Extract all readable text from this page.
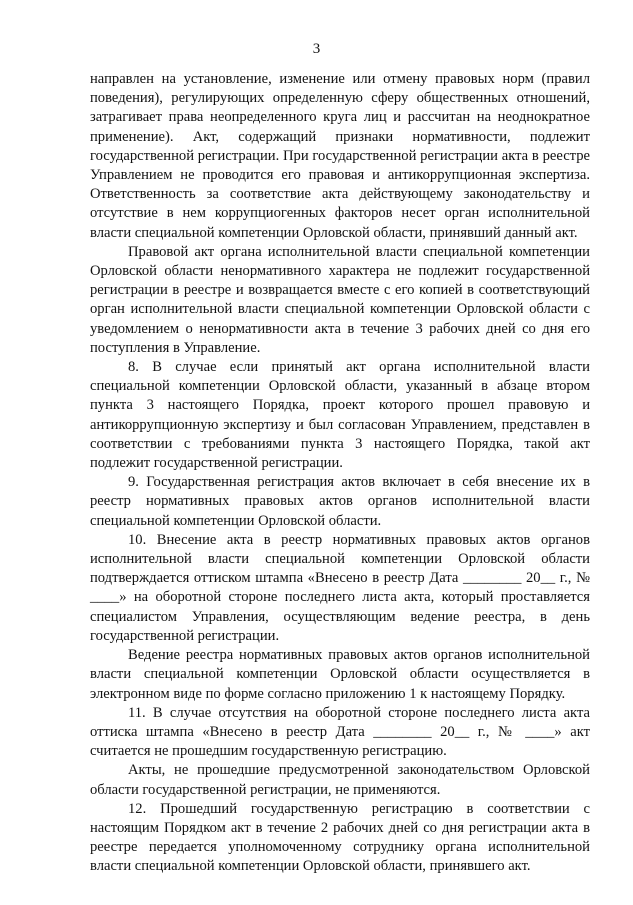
3

направлен на установление, изменение или отмену правовых норм (правил поведения), регулирующих определенную сферу общественных отношений, затрагивает права неопределенного круга лиц и рассчитан на неоднократное применение). Акт, содержащий признаки нормативности, подлежит государственной регистрации. При государственной регистрации акта в реестре Управлением не проводится его правовая и антикоррупционная экспертиза. Ответственность за соответствие акта действующему законодательству и отсутствие в нем коррупциогенных факторов несет орган исполнительной власти специальной компетенции Орловской области, принявший данный акт.

Правовой акт органа исполнительной власти специальной компетенции Орловской области ненормативного характера не подлежит государственной регистрации в реестре и возвращается вместе с его копией в соответствующий орган исполнительной власти специальной компетенции Орловской области с уведомлением о ненормативности акта в течение 3 рабочих дней со дня его поступления в Управление.

8. В случае если принятый акт органа исполнительной власти специальной компетенции Орловской области, указанный в абзаце втором пункта 3 настоящего Порядка, проект которого прошел правовую и антикоррупционную экспертизу и был согласован Управлением, представлен в соответствии с требованиями пункта 3 настоящего Порядка, такой акт подлежит государственной регистрации.

9. Государственная регистрация актов включает в себя внесение их в реестр нормативных правовых актов органов исполнительной власти специальной компетенции Орловской области.

10. Внесение акта в реестр нормативных правовых актов органов исполнительной власти специальной компетенции Орловской области подтверждается оттиском штампа «Внесено в реестр Дата ________ 20__ г., № ____» на оборотной стороне последнего листа акта, который проставляется специалистом Управления, осуществляющим ведение реестра, в день государственной регистрации.

Ведение реестра нормативных правовых актов органов исполнительной власти специальной компетенции Орловской области осуществляется в электронном виде по форме согласно приложению 1 к настоящему Порядку.

11. В случае отсутствия на оборотной стороне последнего листа акта оттиска штампа «Внесено в реестр Дата ________ 20__ г., № ____» акт считается не прошедшим государственную регистрацию.

Акты, не прошедшие предусмотренной законодательством Орловской области государственной регистрации, не применяются.

12. Прошедший государственную регистрацию в соответствии с настоящим Порядком акт в течение 2 рабочих дней со дня регистрации акта в реестре передается уполномоченному сотруднику органа исполнительной власти специальной компетенции Орловской области, принявшего акт.
